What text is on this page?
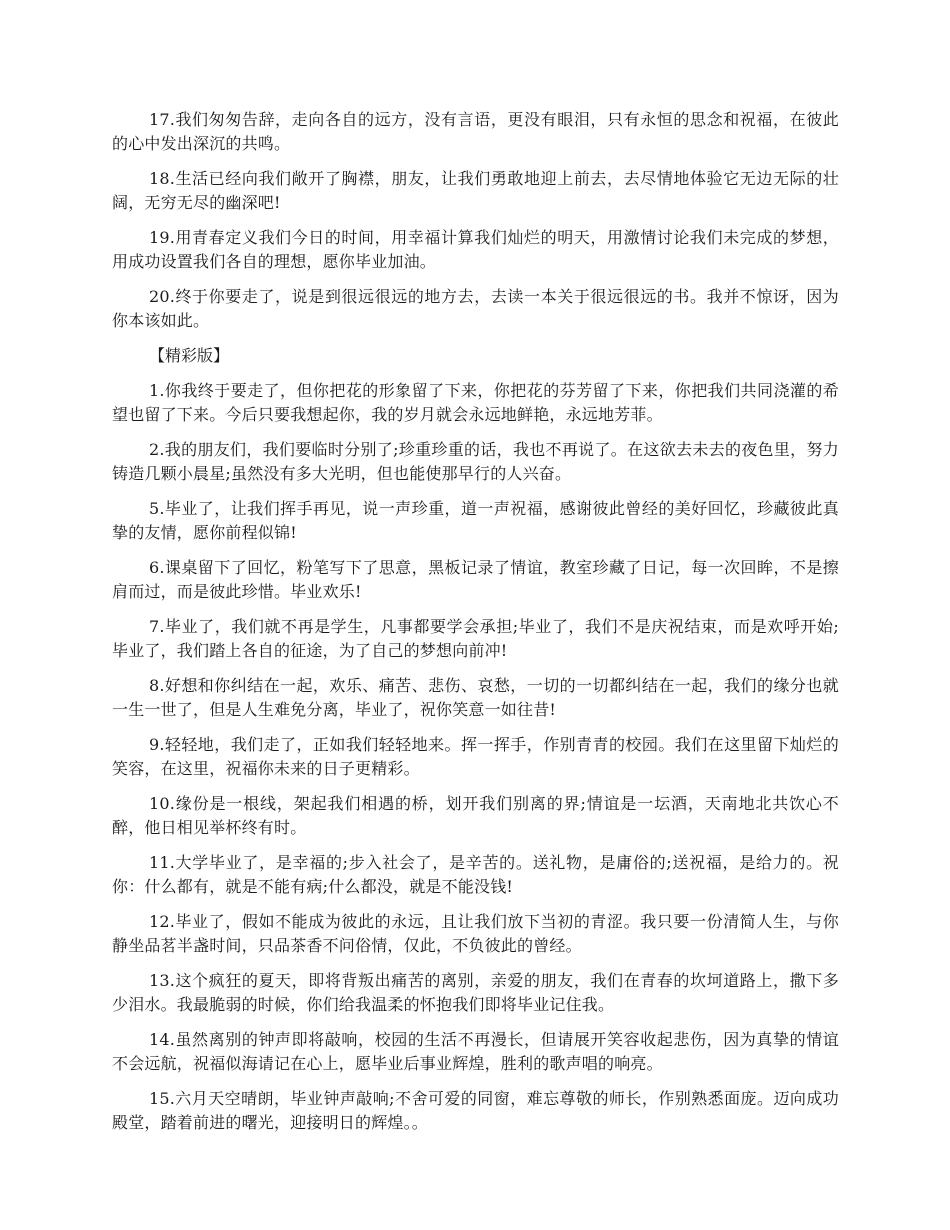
17.我们匆匆告辞，走向各自的远方，没有言语，更没有眼泪，只有永恒的思念和祝福，在彼此的心中发出深沉的共鸣。

18.生活已经向我们敞开了胸襟，朋友，让我们勇敢地迎上前去，去尽情地体验它无边无际的壮阔，无穷无尽的幽深吧!

19.用青春定义我们今日的时间，用幸福计算我们灿烂的明天，用激情讨论我们未完成的梦想，用成功设置我们各自的理想，愿你毕业加油。

20.终于你要走了，说是到很远很远的地方去，去读一本关于很远很远的书。我并不惊讶，因为你本该如此。

【精彩版】

1.你我终于要走了，但你把花的形象留了下来，你把花的芬芳留了下来，你把我们共同浇灌的希望也留了下来。今后只要我想起你，我的岁月就会永远地鲜艳，永远地芳菲。

2.我的朋友们，我们要临时分别了;珍重珍重的话，我也不再说了。在这欲去未去的夜色里，努力铸造几颗小晨星;虽然没有多大光明，但也能使那早行的人兴奋。

5.毕业了，让我们挥手再见，说一声珍重，道一声祝福，感谢彼此曾经的美好回忆，珍藏彼此真挚的友情，愿你前程似锦!

6.课桌留下了回忆，粉笔写下了思意，黑板记录了情谊，教室珍藏了日记，每一次回眸，不是擦肩而过，而是彼此珍惜。毕业欢乐!

7.毕业了，我们就不再是学生，凡事都要学会承担;毕业了，我们不是庆祝结束，而是欢呼开始;毕业了，我们踏上各自的征途，为了自己的梦想向前冲!

8.好想和你纠结在一起，欢乐、痛苦、悲伤、哀愁，一切的一切都纠结在一起，我们的缘分也就一生一世了，但是人生难免分离，毕业了，祝你笑意一如往昔!

9.轻轻地，我们走了，正如我们轻轻地来。挥一挥手，作别青青的校园。我们在这里留下灿烂的笑容，在这里，祝福你未来的日子更精彩。

10.缘份是一根线，架起我们相遇的桥，划开我们别离的界;情谊是一坛酒，天南地北共饮心不醉，他日相见举杯终有时。

11.大学毕业了，是幸福的;步入社会了，是辛苦的。送礼物，是庸俗的;送祝福，是给力的。祝你：什么都有，就是不能有病;什么都没，就是不能没钱!

12.毕业了，假如不能成为彼此的永远，且让我们放下当初的青涩。我只要一份清简人生，与你静坐品茗半盏时间，只品茶香不问俗情，仅此，不负彼此的曾经。

13.这个疯狂的夏天，即将背叛出痛苦的离别，亲爱的朋友，我们在青春的坎坷道路上，撒下多少泪水。我最脆弱的时候，你们给我温柔的怀抱我们即将毕业记住我。

14.虽然离别的钟声即将敲响，校园的生活不再漫长，但请展开笑容收起悲伤，因为真挚的情谊不会远航，祝福似海请记在心上，愿毕业后事业辉煌，胜利的歌声唱的响亮。

15.六月天空晴朗，毕业钟声敲响;不舍可爱的同窗，难忘尊敬的师长，作别熟悉面庞。迈向成功殿堂，踏着前进的曙光，迎接明日的辉煌。。
